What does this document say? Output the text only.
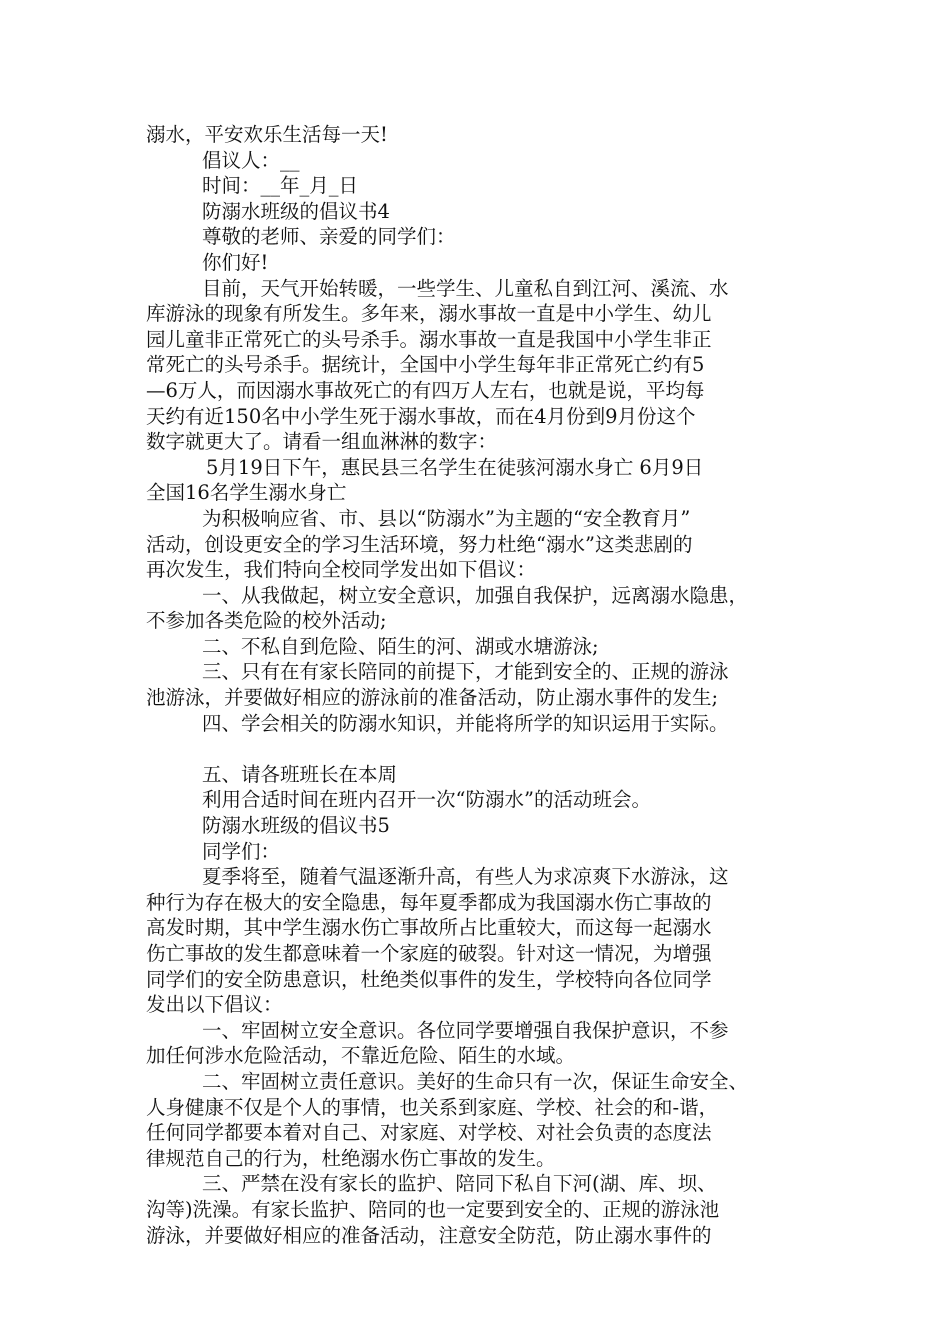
溺水，平安欢乐生活每一天!
倡议人：__
时间：__年_月_日
防溺水班级的倡议书4
尊敬的老师、亲爱的同学们：
你们好!
目前，天气开始转暖，一些学生、儿童私自到江河、溪流、水
库游泳的现象有所发生。多年来，溺水事故一直是中小学生、幼儿
园儿童非正常死亡的头号杀手。溺水事故一直是我国中小学生非正
常死亡的头号杀手。据统计，全国中小学生每年非正常死亡约有5
—6万人，而因溺水事故死亡的有四万人左右，也就是说，平均每
天约有近150名中小学生死于溺水事故，而在4月份到9月份这个
数字就更大了。请看一组血淋淋的数字：
5月19日下午，惠民县三名学生在徒骇河溺水身亡 6月9日
全国16名学生溺水身亡
为积极响应省、市、县以“防溺水”为主题的“安全教育月”
活动，创设更安全的学习生活环境，努力杜绝“溺水”这类悲剧的
再次发生，我们特向全校同学发出如下倡议：
一、从我做起，树立安全意识，加强自我保护，远离溺水隐患，
不参加各类危险的校外活动;
二、不私自到危险、陌生的河、湖或水塘游泳;
三、只有在有家长陪同的前提下，才能到安全的、正规的游泳
池游泳，并要做好相应的游泳前的准备活动，防止溺水事件的发生;
四、学会相关的防溺水知识，并能将所学的知识运用于实际。
五、请各班班长在本周
利用合适时间在班内召开一次“防溺水”的活动班会。
防溺水班级的倡议书5
同学们：
夏季将至，随着气温逐渐升高，有些人为求凉爽下水游泳，这
种行为存在极大的安全隐患，每年夏季都成为我国溺水伤亡事故的
高发时期，其中学生溺水伤亡事故所占比重较大，而这每一起溺水
伤亡事故的发生都意味着一个家庭的破裂。针对这一情况，为增强
同学们的安全防患意识，杜绝类似事件的发生，学校特向各位同学
发出以下倡议：
一、牢固树立安全意识。各位同学要增强自我保护意识，不参
加任何涉水危险活动，不靠近危险、陌生的水域。
二、牢固树立责任意识。美好的生命只有一次，保证生命安全、
人身健康不仅是个人的事情，也关系到家庭、学校、社会的和-谐，
任何同学都要本着对自己、对家庭、对学校、对社会负责的态度法
律规范自己的行为，杜绝溺水伤亡事故的发生。
三、严禁在没有家长的监护、陪同下私自下河(湖、库、坝、
沟等)洗澡。有家长监护、陪同的也一定要到安全的、正规的游泳池
游泳，并要做好相应的准备活动，注意安全防范，防止溺水事件的
